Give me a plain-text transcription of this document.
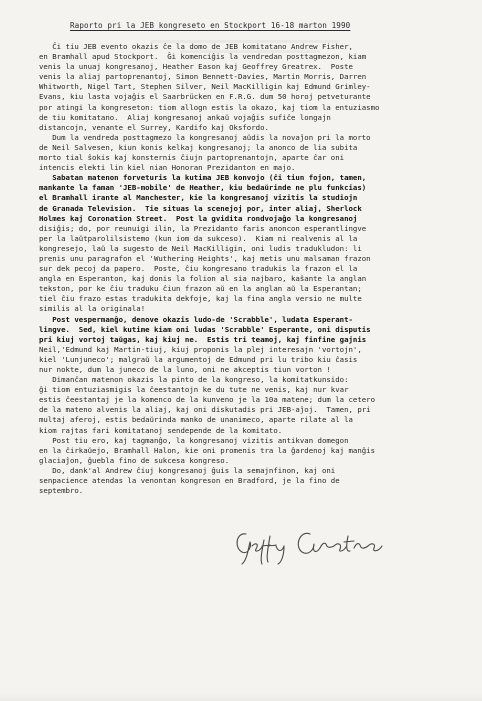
Raporto pri la JEB kongreseto en Stockport 16-18 marton 1990
Ĉi tiu JEB evento okazis ĉe la domo de JEB komitatano Andrew Fisher,
en Bramhall apud Stockport.  Ĝi komenciĝis la vendredan posttagmezon, kiam
venis la unuaj kongresanoj, Heather Eason kaj Geoffrey Greatrex.  Poste
venis la aliaj partoprenantoj, Simon Bennett-Davies, Martin Morris, Darren
Whitworth, Nigel Tart, Stephen Silver, Neil MacKilligin kaj Edmund Grimley-
Evans, kiu lasta vojaĝis el Saarbrücken en F.R.G. dum 50 horoj petveturante
por atingi la kongreseton: tiom allogn estis la okazo, kaj tiom la entuziasmo
de tiu komitatano.  Aliaj kongresanoj ankaŭ vojaĝis sufiĉe longajn
distancojn, venante el Surrey, Kardifo kaj Oksfordo.
Dum la vendreda posttagmezo la kongresanoj aŭdis la novaĵon pri la morto
de Neil Salvesen, kiun konis kelkaj kongresanoj; la anonco de lia subita
morto tial ŝokis kaj konsternis ĉiujn partoprenantojn, aparte ĉar oni
intencis elekti lin kiel nian Honoran Prezidanton en majo.
Sabatan matenon forveturis la kutima JEB konvojo (ĉi tiun fojon, tamen,
mankante la faman 'JEB-mobile' de Heather, kiu bedaŭrinde ne plu funkcias)
el Bramhall irante al Manchester, kie la kongresanoj vizitis la studiojn
de Granada Television.  Tie situas la scenejoj por, inter aliaj, Sherlock
Holmes kaj Coronation Street.  Post la gvidita rondvojaĝo la kongresanoj
disiĝis; do, por reunuigi ilin, la Prezidanto faris anoncon esperantlingve
per la laŭtparolilsistemo (kun iom da sukceso).  Kiam ni realvenis al la
kongresejo, laŭ la sugesto de Neil MacKilligin, oni ludis tradukludon: li
prenis unu paragrafon el 'Wuthering Heights', kaj metis unu malsaman frazon
sur dek pecoj da papero.  Poste, ĉiu kongresano tradukis la frazon el la
angla en Esperanton, kaj donis la folion al sia najbaro, kaŝante la anglan
tekston, por ke ĉiu traduku ĉiun frazon aŭ en la anglan aŭ la Esperantan;
tiel ĉiu frazo estas tradukita dekfoje, kaj la fina angla versio ne multe
similis al la originala!
Post vespermanĝo, denove okazis ludo-de 'Scrabble', ludata Esperant-
lingve.  Sed, kiel kutime kiam oni ludas 'Scrabble' Esperante, oni disputis
pri kiuj vortoj taŭgas, kaj kiuj ne.  Estis tri teamoj, kaj finfine gajnis
Neil,'Edmund kaj Martin-tiuj, kiuj proponis la plej interesajn 'vortojn',
kiel 'Lunjuneco'; malgraŭ la argumentoj de Edmund pri lu tribo kiu ĉasis
nur nokte, dum la juneco de la luno, oni ne akceptis tiun vorton !
Dimanĉan matenon okazis la pinto de la kongreso, la komitatkunsido:
ĝi tiom entuziasmigis la ĉeestantojn ke du tute ne venis, kaj nur kvar
estis ĉeestantaj je la komenco de la kunveno je la 10a matene; dum la cetero
de la mateno alvenis la aliaj, kaj oni diskutadis pri JEB-aĵoj.  Tamen, pri
multaj aferoj, estis bedaŭrinda manko de unanimeco, aparte rilate al la
kiom rajtas fari komitatanoj sendepende de la komitato.
Post tiu ero, kaj tagmanĝo, la kongresanoj vizitis antikvan domegon
en la ĉirkaŭejo, Bramhall Halon, kie oni promenis tra la ĝardenoj kaj manĝis
glaciaĵon, ĝuebla fino de sukcesa kongreso.
Do, dank'al Andrew ĉiuj kongresanoj ĝuis la semajnfinon, kaj oni
senpacience atendas la venontan kongreson en Bradford, je la fino de
septembro.
